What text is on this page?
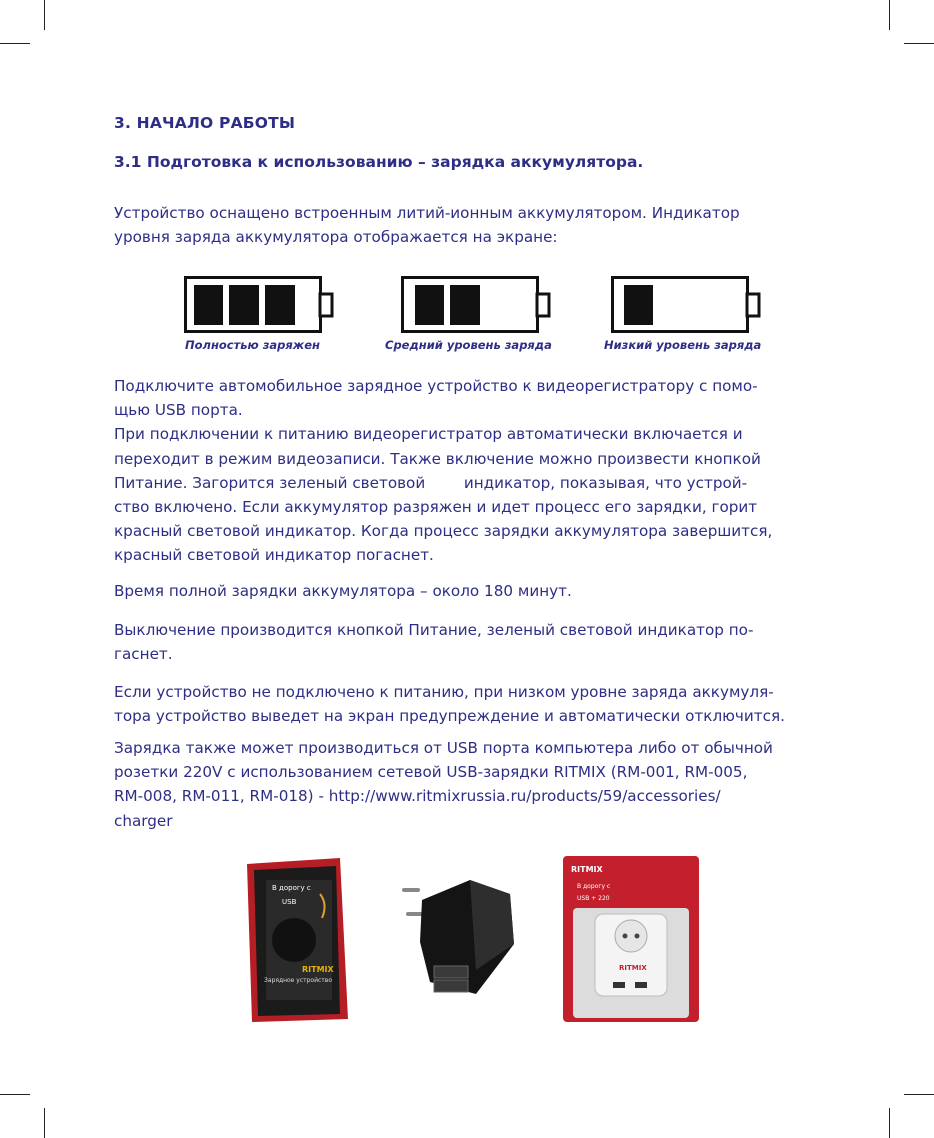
3. НАЧАЛО РАБОТЫ
3.1 Подготовка к использованию – зарядка аккумулятора.

Устройство оснащено встроенным литий-ионным аккумулятором. Индикатор
уровня заряда аккумулятора отображается на экране:

Полностью заряжен	Средний уровень заряда	Низкий уровень заряда

Подключите автомобильное зарядное устройство к видеорегистратору с помо-
щью USB порта.
При подключении к питанию видеорегистратор автоматически включается и
переходит в режим видеозаписи. Также включение можно произвести кнопкой
Питание. Загорится зеленый световой        индикатор, показывая, что устрой-
ство включено. Если аккумулятор разряжен и идет процесс его зарядки, горит
красный световой индикатор. Когда процесс зарядки аккумулятора завершится,
красный световой индикатор погаснет.

Время полной зарядки аккумулятора – около 180 минут.

Выключение производится кнопкой Питание, зеленый световой индикатор по-
гаснет.

Если устройство не подключено к питанию, при низком уровне заряда аккумуля-
тора устройство выведет на экран предупреждение и автоматически отключится.

Зарядка также может производиться от USB порта компьютера либо от обычной
розетки 220V с использованием сетевой USB-зарядки RITMIX (RM-001, RM-005,
RM-008, RM-011, RM-018) - http://www.ritmixrussia.ru/products/59/accessories/
charger

В дорогу с
USB
Зарядное устройство
RITMIX
RITMIX
В дорогу с
USB + 220
RITMIX
